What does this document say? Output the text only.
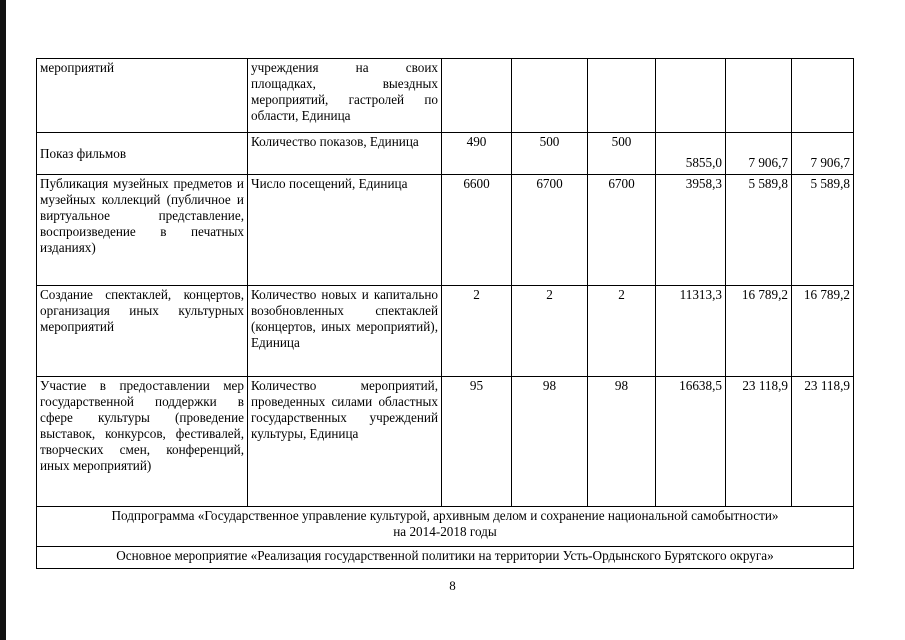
мероприятий	учреждения на своих площадках, выездных мероприятий, гастролей по области, Единица						
Показ фильмов	Количество показов, Единица	490	500	500	5855,0	7 906,7	7 906,7
Публикация музейных предметов и музейных коллекций (публичное и виртуальное представление, воспроизведение в печатных изданиях)	Число посещений, Единица	6600	6700	6700	3958,3	5 589,8	5 589,8
Создание спектаклей, концертов, организация иных культурных мероприятий	Количество новых и капитально возобновленных спектаклей (концертов, иных мероприятий), Единица	2	2	2	11313,3	16 789,2	16 789,2
Участие в предоставлении мер государственной поддержки в сфере культуры (проведение выставок, конкурсов, фестивалей, творческих смен, конференций, иных мероприятий)	Количество мероприятий, проведенных силами областных государственных учреждений культуры, Единица	95	98	98	16638,5	23 118,9	23 118,9

Подпрограмма «Государственное управление культурой, архивным делом и сохранение национальной самобытности»
на 2014-2018 годы							

Основное мероприятие «Реализация государственной политики на территории Усть-Ордынского Бурятского округа»							
8
